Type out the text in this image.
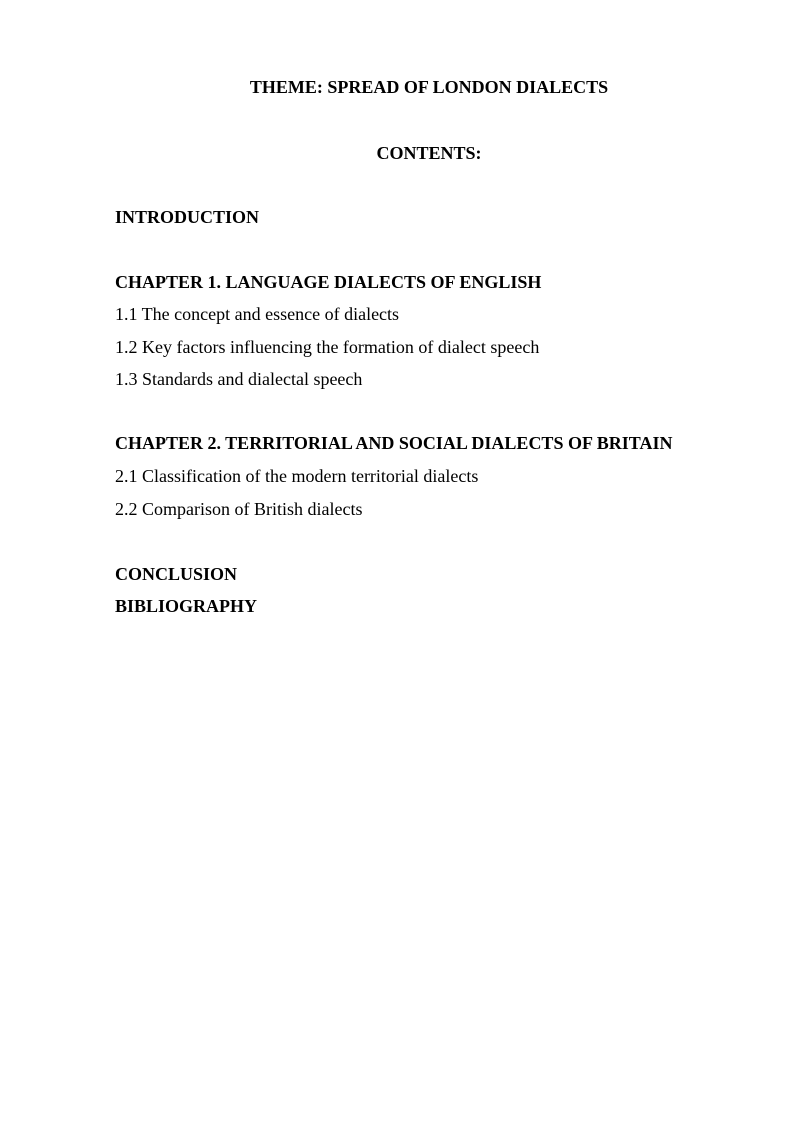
THEME: SPREAD OF LONDON DIALECTS
CONTENTS:
INTRODUCTION
CHAPTER 1. LANGUAGE DIALECTS OF ENGLISH
1.1 The concept and essence of dialects
1.2 Key factors influencing the formation of dialect speech
1.3 Standards and dialectal speech
CHAPTER 2. TERRITORIAL AND SOCIAL DIALECTS OF BRITAIN
2.1 Classification of the modern territorial dialects
2.2 Comparison of British dialects
CONCLUSION
BIBLIOGRAPHY
